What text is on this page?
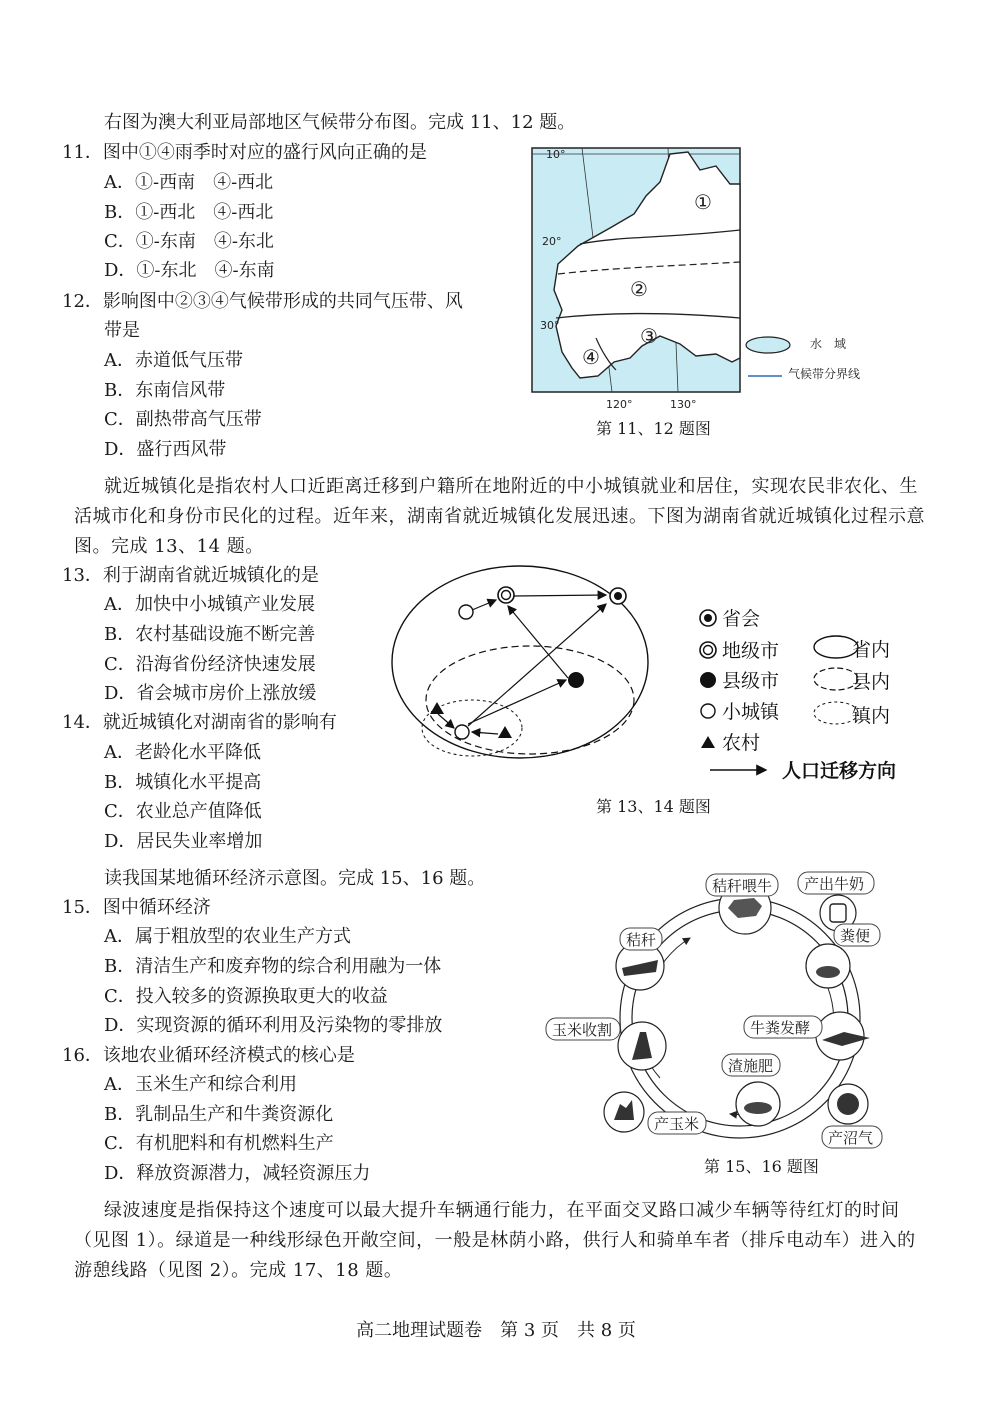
右图为澳大利亚局部地区气候带分布图。完成 11、12 题。
11．图中①④雨季时对应的盛行风向正确的是
A．①-西南　④-西北
B．①-西北　④-西北
C．①-东南　④-东北
D．①-东北　④-东南
12．影响图中②③④气候带形成的共同气压带、风
带是
A．赤道低气压带
B．东南信风带
C．副热带高气压带
D．盛行西风带
10°
20°
30°
①
②
③
④
120°	130°
水　域
气候带分界线
第 11、12 题图
就近城镇化是指农村人口近距离迁移到户籍所在地附近的中小城镇就业和居住，实现农民非农化、生活城市化和身份市民化的过程。近年来，湖南省就近城镇化发展迅速。下图为湖南省就近城镇化过程示意图。完成 13、14 题。
13．利于湖南省就近城镇化的是
A．加快中小城镇产业发展
B．农村基础设施不断完善
C．沿海省份经济快速发展
D．省会城市房价上涨放缓
14．就近城镇化对湖南省的影响有
A．老龄化水平降低
B．城镇化水平提高
C．农业总产值降低
D．居民失业率增加
省会
地级市
县级市
小城镇
农村
省内
县内
镇内
人口迁移方向
第 13、14 题图
读我国某地循环经济示意图。完成 15、16 题。
15．图中循环经济
A．属于粗放型的农业生产方式
B．清洁生产和废弃物的综合利用融为一体
C．投入较多的资源换取更大的收益
D．实现资源的循环利用及污染物的零排放
16．该地农业循环经济模式的核心是
A．玉米生产和综合利用
B．乳制品生产和牛粪资源化
C．有机肥料和有机燃料生产
D．释放资源潜力，减轻资源压力
秸秆喂牛 产出牛奶
秸秆	粪便
玉米收割	牛粪发酵
渣施肥
产玉米
产沼气
第 15、16 题图
绿波速度是指保持这个速度可以最大提升车辆通行能力，在平面交叉路口减少车辆等待红灯的时间（见图 1）。绿道是一种线形绿色开敞空间，一般是林荫小路，供行人和骑单车者（排斥电动车）进入的游憩线路（见图 2）。完成 17、18 题。
高二地理试题卷　第 3 页　共 8 页
